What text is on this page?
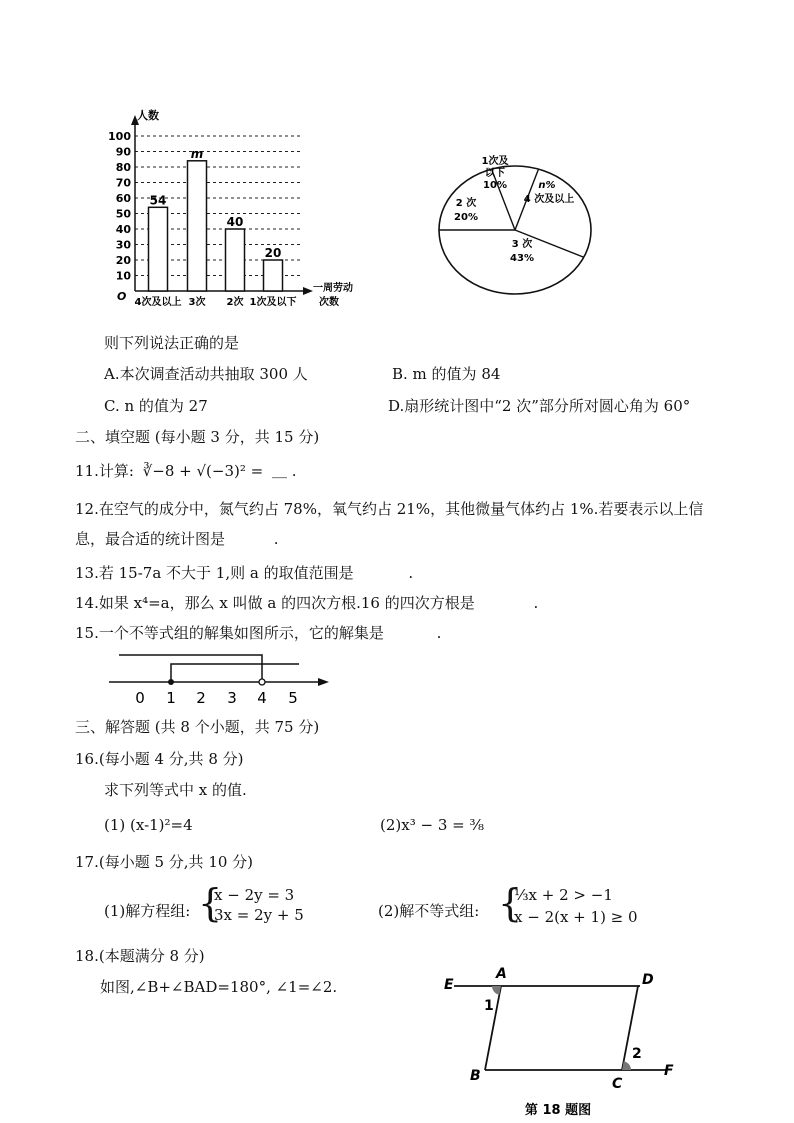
人数
O
一周劳动
次数
10
20
30
40
50
60
70
80
90
100
54
m
40
20
4次及以上 3次 2次 1次及以下
1次及
以下
10%	n%
4 次及以上
3 次
43%
2 次
20%
则下列说法正确的是
A.本次调查活动共抽取 300 人	B. m 的值为 84
C. n 的值为 27	D.扇形统计图中“2 次”部分所对圆心角为 60°
二、填空题 (每小题 3 分，共 15 分)
11.计算: ∛−8 + √(−3)² = ＿ .
12.在空气的成分中，氮气约占 78%，氧气约占 21%，其他微量气体约占 1%.若要表示以上信
息，最合适的统计图是	.
13.若 15-7a 不大于 1,则 a 的取值范围是	.
14.如果 x⁴=a，那么 x 叫做 a 的四次方根.16 的四次方根是	.
15.一个不等式组的解集如图所示，它的解集是	.
0 1 2 3 4 5
三、解答题 (共 8 个小题，共 75 分)
16.(每小题 4 分,共 8 分)
求下列等式中 x 的值.
(1) (x-1)²=4	(2)x³ − 3 = ³⁄₈
17.(每小题 5 分,共 10 分)
(1)解方程组: {
x − 2y = 3
3x = 2y + 5	(2)解不等式组: {
⅓x + 2 > −1
x − 2(x + 1) ≥ 0
18.(本题满分 8 分)
如图,∠B+∠BAD=180°, ∠1=∠2.	E
A	D
B	C
F
1
2
第 18 题图
